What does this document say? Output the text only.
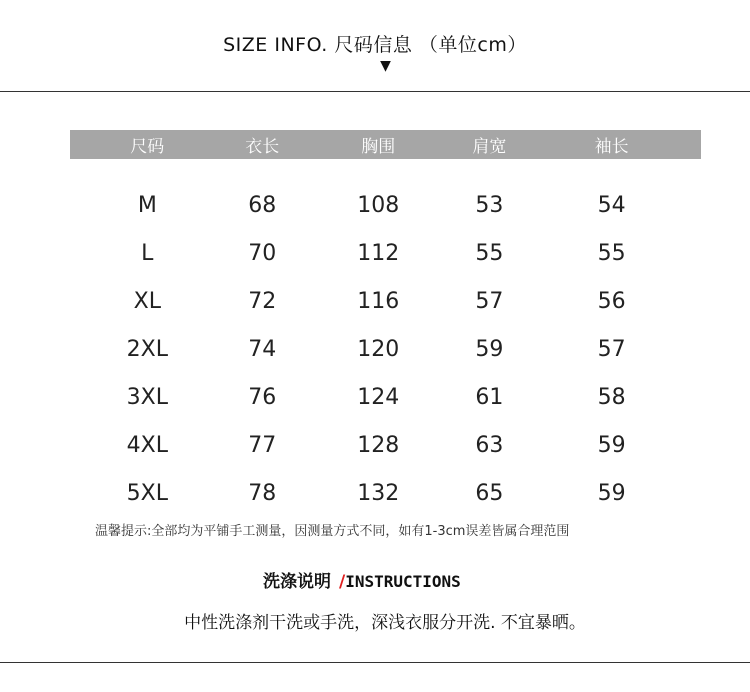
SIZE INFO. 尺码信息 （单位cm）
▼
尺码	衣长	胸围	肩宽	袖长
M	68	108	53	54
L	70	112	55	55
XL	72	116	57	56
2XL	74	120	59	57
3XL	76	124	61	58
4XL	77	128	63	59
5XL	78	132	65	59
温馨提示:全部均为平铺手工测量，因测量方式不同，如有1-3cm误差皆属合理范围
洗涤说明 /INSTRUCTIONS
中性洗涤剂干洗或手洗，深浅衣服分开洗. 不宜暴晒。
